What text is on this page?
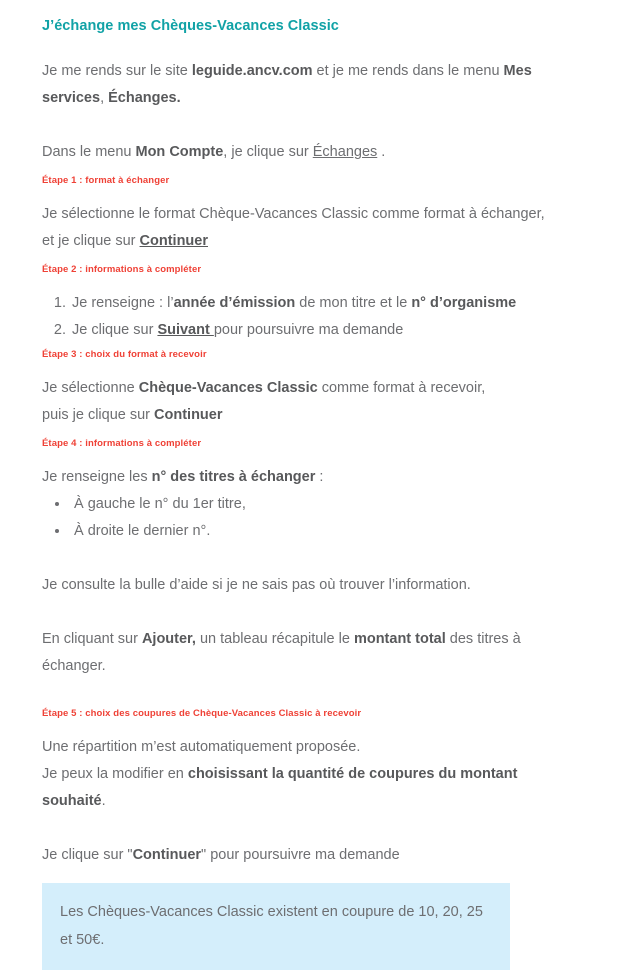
J’échange mes Chèques-Vacances Classic

Je me rends sur le site leguide.ancv.com et je me rends dans le menu Mes services, Échanges.

Dans le menu Mon Compte, je clique sur Échanges .

Étape 1 : format à échanger

Je sélectionne le format Chèque-Vacances Classic comme format à échanger,

et je clique sur Continuer

Étape 2 : informations à compléter

1. Je renseigne : l’année d’émission de mon titre et le n° d’organisme
2. Je clique sur Suivant pour poursuivre ma demande

Étape 3 : choix du format à recevoir

Je sélectionne Chèque-Vacances Classic comme format à recevoir,

puis je clique sur Continuer

Étape 4 : informations à compléter

Je renseigne les n° des titres à échanger :

• À gauche le n° du 1er titre,
• À droite le dernier n°.

Je consulte la bulle d’aide si je ne sais pas où trouver l’information.

En cliquant sur Ajouter, un tableau récapitule le montant total des titres à échanger.

Étape 5 : choix des coupures de Chèque-Vacances Classic à recevoir

Une répartition m’est automatiquement proposée.

Je peux la modifier en choisissant la quantité de coupures du montant souhaité.

Je clique sur "Continuer" pour poursuivre ma demande

Les Chèques-Vacances Classic existent en coupure de 10, 20, 25 et 50€.
